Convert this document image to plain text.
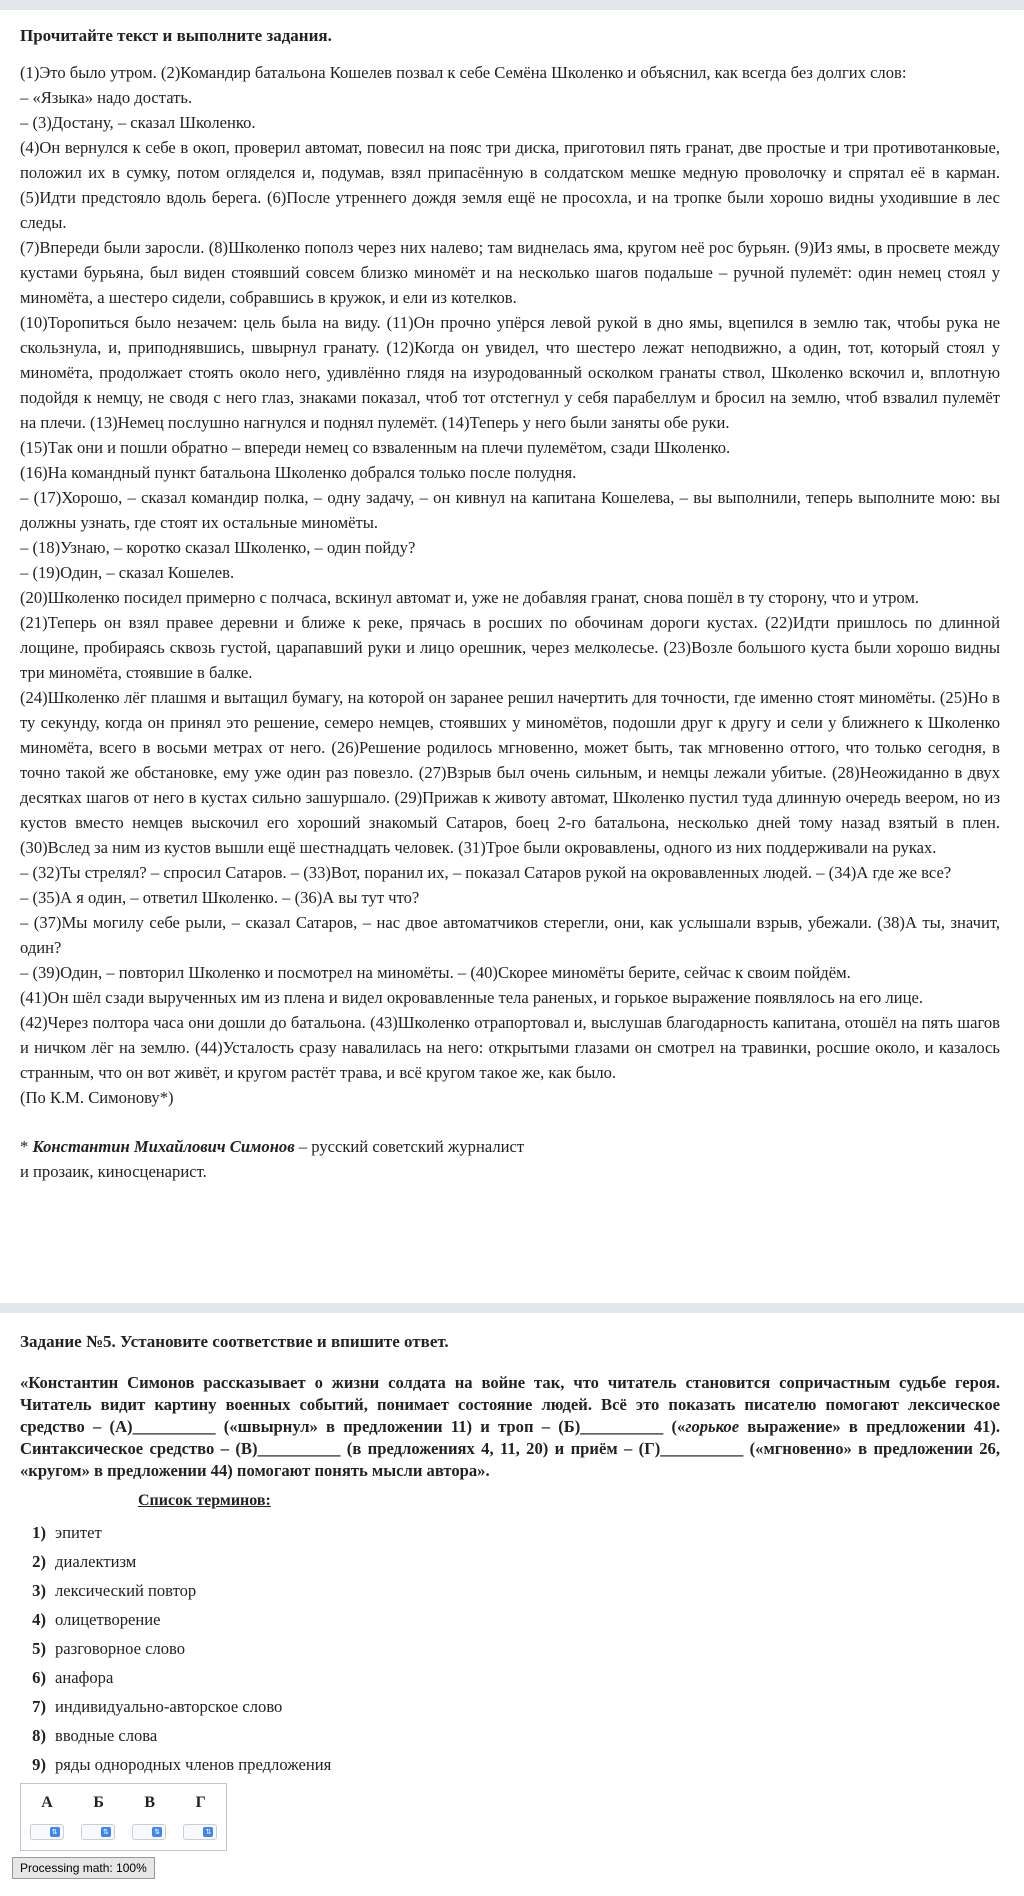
Прочитайте текст и выполните задания.

(1)Это было утром. (2)Командир батальона Кошелев позвал к себе Семёна Школенко и объяснил, как всегда без долгих слов:

– «Языка» надо достать.

– (3)Достану, – сказал Школенко.

(4)Он вернулся к себе в окоп, проверил автомат, повесил на пояс три диска, приготовил пять гранат, две простые и три противотанковые, положил их в сумку, потом огляделся и, подумав, взял припасённую в солдатском мешке медную проволочку и спрятал её в карман. (5)Идти предстояло вдоль берега. (6)После утреннего дождя земля ещё не просохла, и на тропке были хорошо видны уходившие в лес следы.

(7)Впереди были заросли. (8)Школенко пополз через них налево; там виднелась яма, кругом неё рос бурьян. (9)Из ямы, в просвете между кустами бурьяна, был виден стоявший совсем близко миномёт и на несколько шагов подальше – ручной пулемёт: один немец стоял у миномёта, а шестеро сидели, собравшись в кружок, и ели из котелков.

(10)Торопиться было незачем: цель была на виду. (11)Он прочно упёрся левой рукой в дно ямы, вцепился в землю так, чтобы рука не скользнула, и, приподнявшись, швырнул гранату. (12)Когда он увидел, что шестеро лежат неподвижно, а один, тот, который стоял у миномёта, продолжает стоять около него, удивлённо глядя на изуродованный осколком гранаты ствол, Школенко вскочил и, вплотную подойдя к немцу, не сводя с него глаз, знаками показал, чтоб тот отстегнул у себя парабеллум и бросил на землю, чтоб взвалил пулемёт на плечи. (13)Немец послушно нагнулся и поднял пулемёт. (14)Теперь у него были заняты обе руки.

(15)Так они и пошли обратно – впереди немец со взваленным на плечи пулемётом, сзади Школенко.

(16)На командный пункт батальона Школенко добрался только после полудня.

– (17)Хорошо, – сказал командир полка, – одну задачу, – он кивнул на капитана Кошелева, – вы выполнили, теперь выполните мою: вы должны узнать, где стоят их остальные миномёты.

– (18)Узнаю, – коротко сказал Школенко, – один пойду?

– (19)Один, – сказал Кошелев.

(20)Школенко посидел примерно с полчаса, вскинул автомат и, уже не добавляя гранат, снова пошёл в ту сторону, что и утром.

(21)Теперь он взял правее деревни и ближе к реке, прячась в росших по обочинам дороги кустах. (22)Идти пришлось по длинной лощине, пробираясь сквозь густой, царапавший руки и лицо орешник, через мелколесье. (23)Возле большого куста были хорошо видны три миномёта, стоявшие в балке.

(24)Школенко лёг плашмя и вытащил бумагу, на которой он заранее решил начертить для точности, где именно стоят миномёты. (25)Но в ту секунду, когда он принял это решение, семеро немцев, стоявших у миномётов, подошли друг к другу и сели у ближнего к Школенко миномёта, всего в восьми метрах от него. (26)Решение родилось мгновенно, может быть, так мгновенно оттого, что только сегодня, в точно такой же обстановке, ему уже один раз повезло. (27)Взрыв был очень сильным, и немцы лежали убитые. (28)Неожиданно в двух десятках шагов от него в кустах сильно зашуршало. (29)Прижав к животу автомат, Школенко пустил туда длинную очередь веером, но из кустов вместо немцев выскочил его хороший знакомый Сатаров, боец 2-го батальона, несколько дней тому назад взятый в плен. (30)Вслед за ним из кустов вышли ещё шестнадцать человек. (31)Трое были окровавлены, одного из них поддерживали на руках.

– (32)Ты стрелял? – спросил Сатаров. – (33)Вот, поранил их, – показал Сатаров рукой на окровавленных людей. – (34)А где же все?

– (35)А я один, – ответил Школенко. – (36)А вы тут что?

– (37)Мы могилу себе рыли, – сказал Сатаров, – нас двое автоматчиков стерегли, они, как услышали взрыв, убежали. (38)А ты, значит, один?

– (39)Один, – повторил Школенко и посмотрел на миномёты. – (40)Скорее миномёты берите, сейчас к своим пойдём.

(41)Он шёл сзади вырученных им из плена и видел окровавленные тела раненых, и горькое выражение появлялось на его лице.

(42)Через полтора часа они дошли до батальона. (43)Школенко отрапортовал и, выслушав благодарность капитана, отошёл на пять шагов и ничком лёг на землю. (44)Усталость сразу навалилась на него: открытыми глазами он смотрел на травинки, росшие около, и казалось странным, что он вот живёт, и кругом растёт трава, и всё кругом такое же, как было.

(По К.М. Симонову*)

* Константин Михайлович Симонов – русский советский журналист
и прозаик, киносценарист.
Задание №5. Установите соответствие и впишите ответ.

«Константин Симонов рассказывает о жизни солдата на войне так, что читатель становится сопричастным судьбе героя. Читатель видит картину военных событий, понимает состояние людей. Всё это показать писателю помогают лексическое средство – (А)__________ («швырнул» в предложении 11) и троп – (Б)__________ («горькое выражение» в предложении 41). Синтаксическое средство – (В)__________ (в предложениях 4, 11, 20) и приём – (Г)__________ («мгновенно» в предложении 26, «кругом» в предложении 44) помогают понять мысли автора».

Список терминов:
1) эпитет
2) диалектизм
3) лексический повтор
4) олицетворение
5) разговорное слово
6) анафора
7) индивидуально-авторское слово
8) вводные слова
9) ряды однородных членов предложения
А	Б	В	Г
⇅	⇅	⇅	⇅
Processing math: 100%
